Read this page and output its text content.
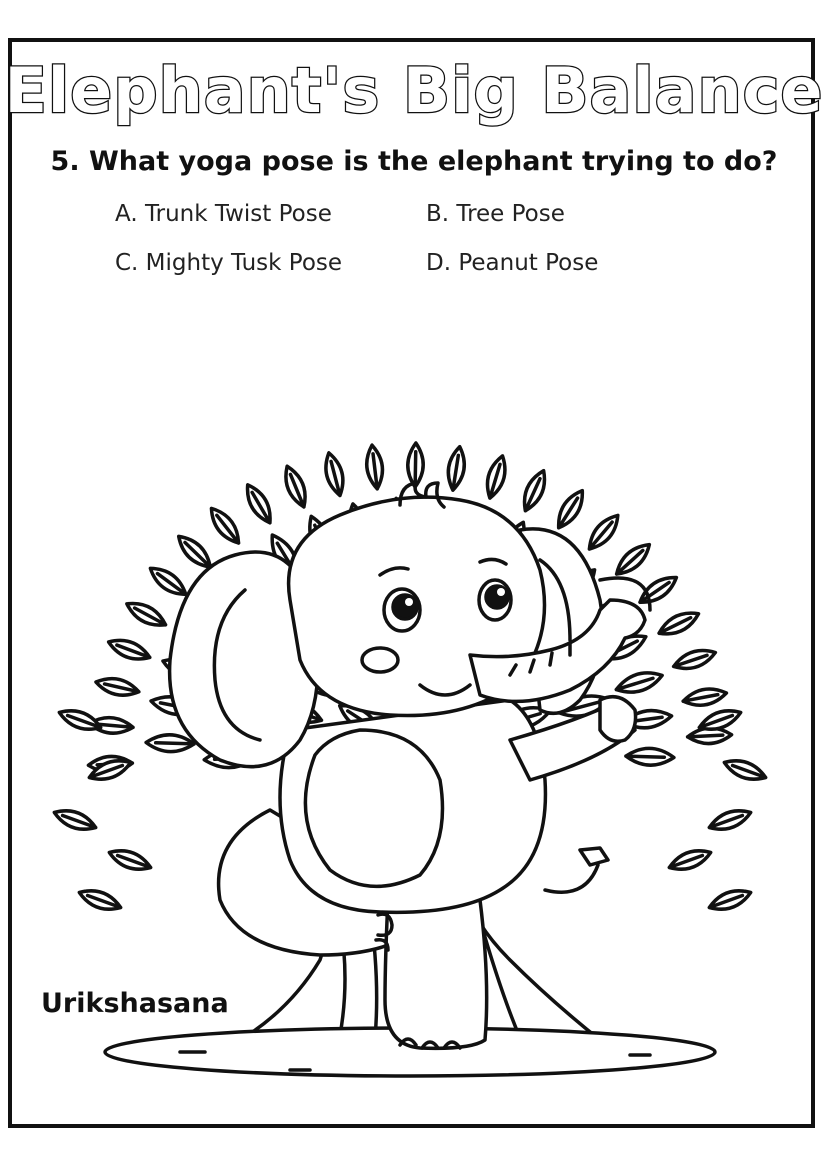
Elephant's Big Balance
5. What yoga pose is the elephant trying to do?
A. Trunk Twist Pose	B. Tree Pose
C. Mighty Tusk Pose	D. Peanut Pose
Urikshasana
